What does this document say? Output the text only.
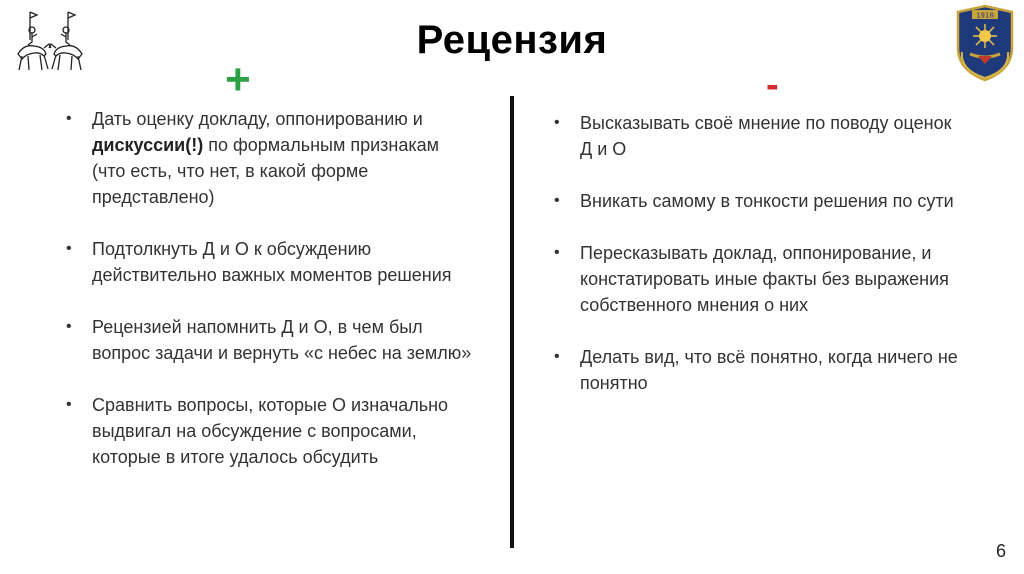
1918
Рецензия
+	-
• Дать оценку докладу, оппонированию и дискуссии(!) по формальным признакам (что есть, что нет, в какой форме представлено)
• Подтолкнуть Д и О к обсуждению действительно важных моментов решения
• Рецензией напомнить Д и О, в чем был вопрос задачи и вернуть «с небес на землю»
• Сравнить вопросы, которые О изначально выдвигал на обсуждение с вопросами, которые в итоге удалось обсудить
• Высказывать своё мнение по поводу оценок Д и О
• Вникать самому в тонкости решения по сути
• Пересказывать доклад, оппонирование, и констатировать иные факты без выражения собственного мнения о них
• Делать вид, что всё понятно, когда ничего не понятно
6
